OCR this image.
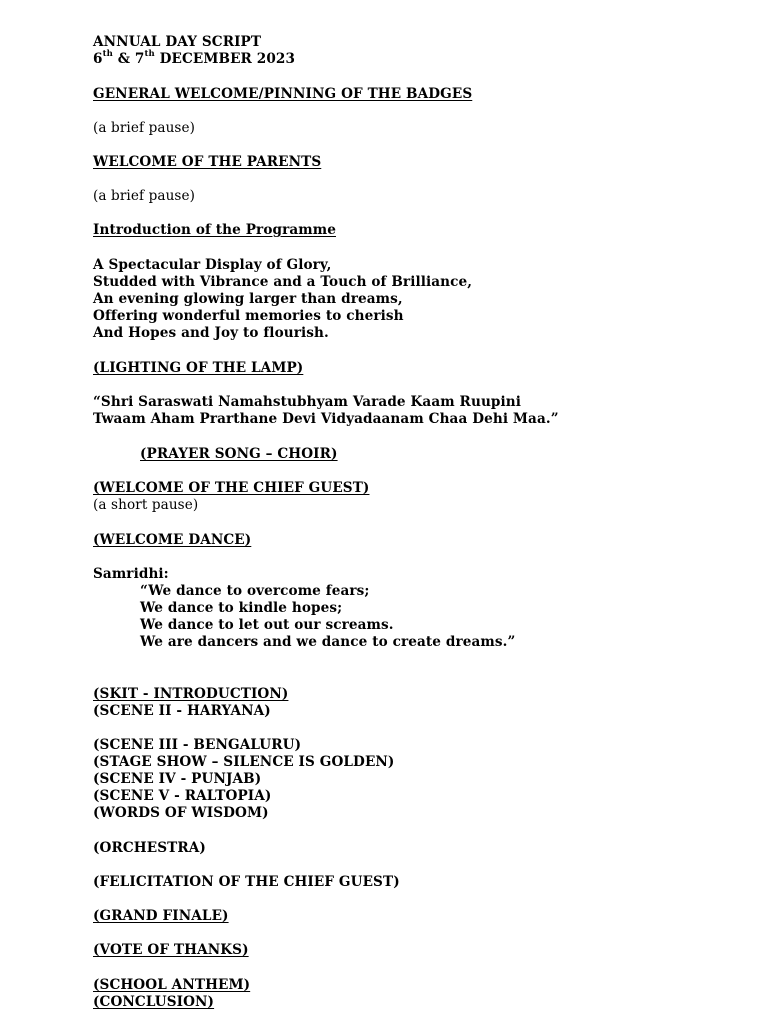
ANNUAL DAY SCRIPT
6th & 7th DECEMBER 2023
GENERAL WELCOME/PINNING OF THE BADGES
(a brief pause)
WELCOME OF THE PARENTS
(a brief pause)
Introduction of the Programme
A Spectacular Display of Glory,
Studded with Vibrance and a Touch of Brilliance,
An evening glowing larger than dreams,
Offering wonderful memories to cherish
And Hopes and Joy to flourish.
(LIGHTING OF THE LAMP)
“Shri Saraswati Namahstubhyam Varade Kaam Ruupini
Twaam Aham Prarthane Devi Vidyadaanam Chaa Dehi Maa.”
(PRAYER SONG – CHOIR)
(WELCOME OF THE CHIEF GUEST)
(a short pause)
(WELCOME DANCE)
Samridhi:
“We dance to overcome fears;
We dance to kindle hopes;
We dance to let out our screams.
We are dancers and we dance to create dreams.”
(SKIT - INTRODUCTION)
(SCENE II - HARYANA)
(SCENE III - BENGALURU)
(STAGE SHOW – SILENCE IS GOLDEN)
(SCENE IV - PUNJAB)
(SCENE V - RALTOPIA)
(WORDS OF WISDOM)
(ORCHESTRA)
(FELICITATION OF THE CHIEF GUEST)
(GRAND FINALE)
(VOTE OF THANKS)
(SCHOOL ANTHEM)
(CONCLUSION)
